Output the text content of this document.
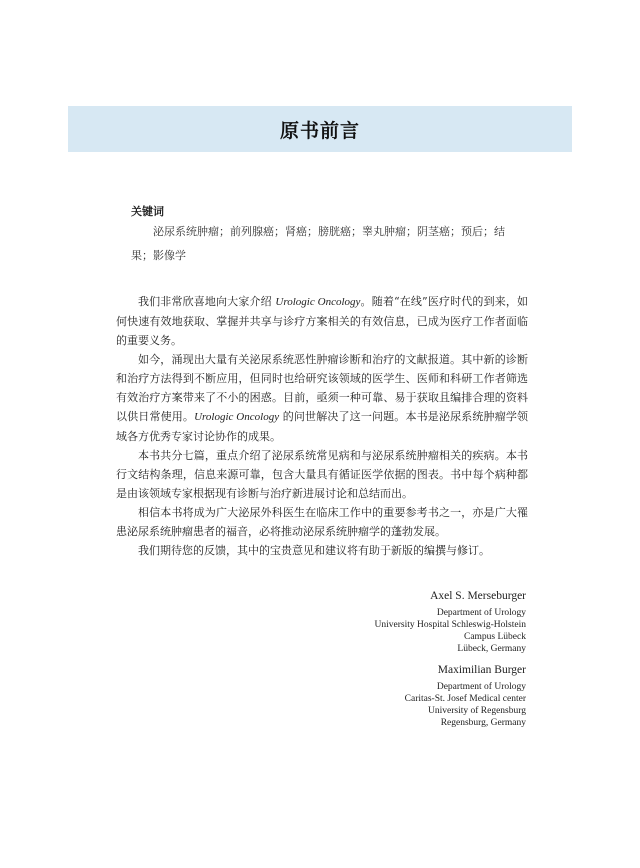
原书前言
关键词
泌尿系统肿瘤；前列腺癌；肾癌；膀胱癌；睾丸肿瘤；阴茎癌；预后；结果；影像学

我们非常欣喜地向大家介绍 Urologic Oncology。随着“在线”医疗时代的到来，如何快速有效地获取、掌握并共享与诊疗方案相关的有效信息，已成为医疗工作者面临的重要义务。

如今，涌现出大量有关泌尿系统恶性肿瘤诊断和治疗的文献报道。其中新的诊断和治疗方法得到不断应用，但同时也给研究该领域的医学生、医师和科研工作者筛选有效治疗方案带来了不小的困惑。目前，亟须一种可靠、易于获取且编排合理的资料以供日常使用。Urologic Oncology 的问世解决了这一问题。本书是泌尿系统肿瘤学领域各方优秀专家讨论协作的成果。

本书共分七篇，重点介绍了泌尿系统常见病和与泌尿系统肿瘤相关的疾病。本书行文结构条理，信息来源可靠，包含大量具有循证医学依据的图表。书中每个病种都是由该领域专家根据现有诊断与治疗新进展讨论和总结而出。

相信本书将成为广大泌尿外科医生在临床工作中的重要参考书之一，亦是广大罹患泌尿系统肿瘤患者的福音，必将推动泌尿系统肿瘤学的蓬勃发展。

我们期待您的反馈，其中的宝贵意见和建议将有助于新版的编撰与修订。

Axel S. Merseburger
Department of Urology
University Hospital Schleswig-Holstein
Campus Lübeck
Lübeck, Germany
Maximilian Burger
Department of Urology
Caritas-St. Josef Medical center
University of Regensburg
Regensburg, Germany
